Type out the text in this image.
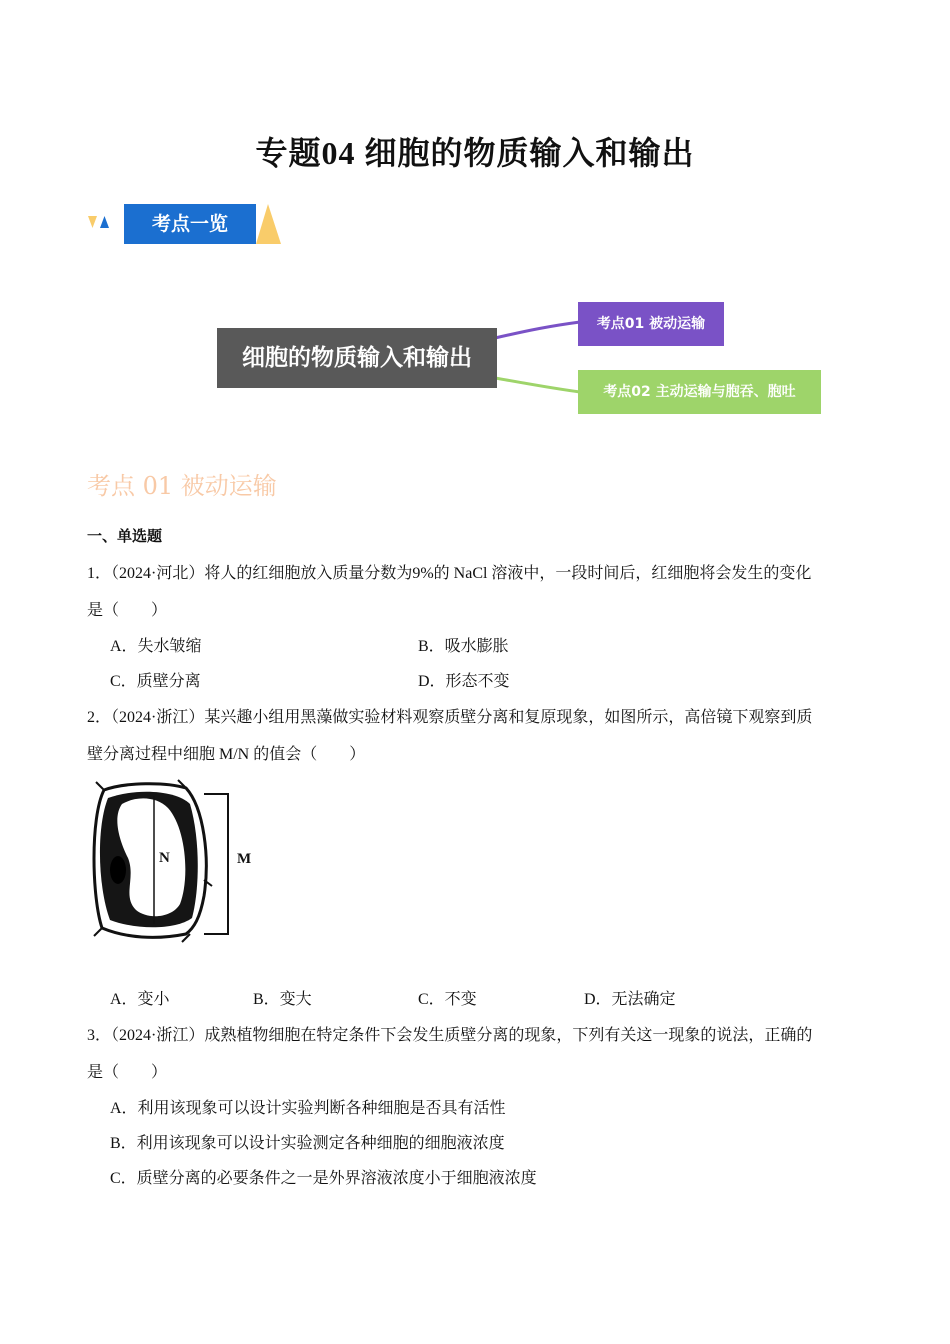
专题04 细胞的物质输入和输出
考点一览
细胞的物质输入和输出
考点01 被动运输
考点02 主动运输与胞吞、胞吐
考点 01 被动运输
一、单选题
1．（2024·河北）将人的红细胞放入质量分数为9%的 NaCl 溶液中，一段时间后，红细胞将会发生的变化
是（　　）
A．失水皱缩	B．吸水膨胀
C．质壁分离	D．形态不变
2．（2024·浙江）某兴趣小组用黑藻做实验材料观察质壁分离和复原现象，如图所示，高倍镜下观察到质
壁分离过程中细胞 M/N 的值会（　　）
N	M
A．变小	B．变大	C．不变	D．无法确定
3．（2024·浙江）成熟植物细胞在特定条件下会发生质壁分离的现象，下列有关这一现象的说法，正确的
是（　　）
A．利用该现象可以设计实验判断各种细胞是否具有活性
B．利用该现象可以设计实验测定各种细胞的细胞液浓度
C．质壁分离的必要条件之一是外界溶液浓度小于细胞液浓度
